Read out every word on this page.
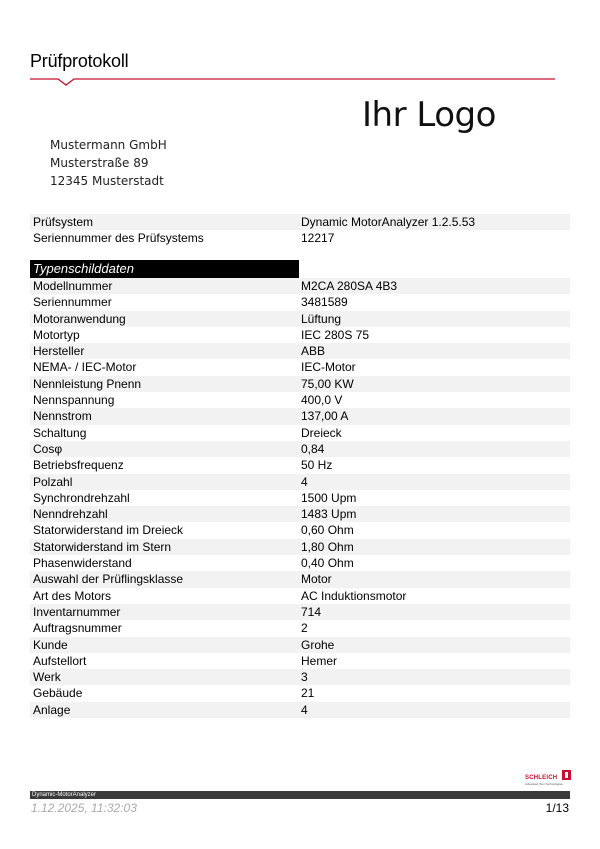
Prüfprotokoll
Ihr Logo
Mustermann GmbH
Musterstraße 89
12345 Musterstadt
Prüfsystem	Dynamic MotorAnalyzer 1.2.5.53
Seriennummer des Prüfsystems	12217
Typenschilddaten
Modellnummer	M2CA 280SA 4B3
Seriennummer	3481589
Motoranwendung	Lüftung
Motortyp	IEC 280S 75
Hersteller	ABB
NEMA- / IEC-Motor	IEC-Motor
Nennleistung Pnenn	75,00 KW
Nennspannung	400,0 V
Nennstrom	137,00 A
Schaltung	Dreieck
Cosφ	0,84
Betriebsfrequenz	50 Hz
Polzahl	4
Synchrondrehzahl	1500 Upm
Nenndrehzahl	1483 Upm
Statorwiderstand im Dreieck	0,60 Ohm
Statorwiderstand im Stern	1,80 Ohm
Phasenwiderstand	0,40 Ohm
Auswahl der Prüflingsklasse	Motor
Art des Motors	AC Induktionsmotor
Inventarnummer	714
Auftragsnummer	2
Kunde	Grohe
Aufstellort	Hemer
Werk	3
Gebäude	21
Anlage	4
SCHLEICH
Advanced Test Technologies
Dynamic-MotorAnalyzer
1.12.2025, 11:32:03	1/13
